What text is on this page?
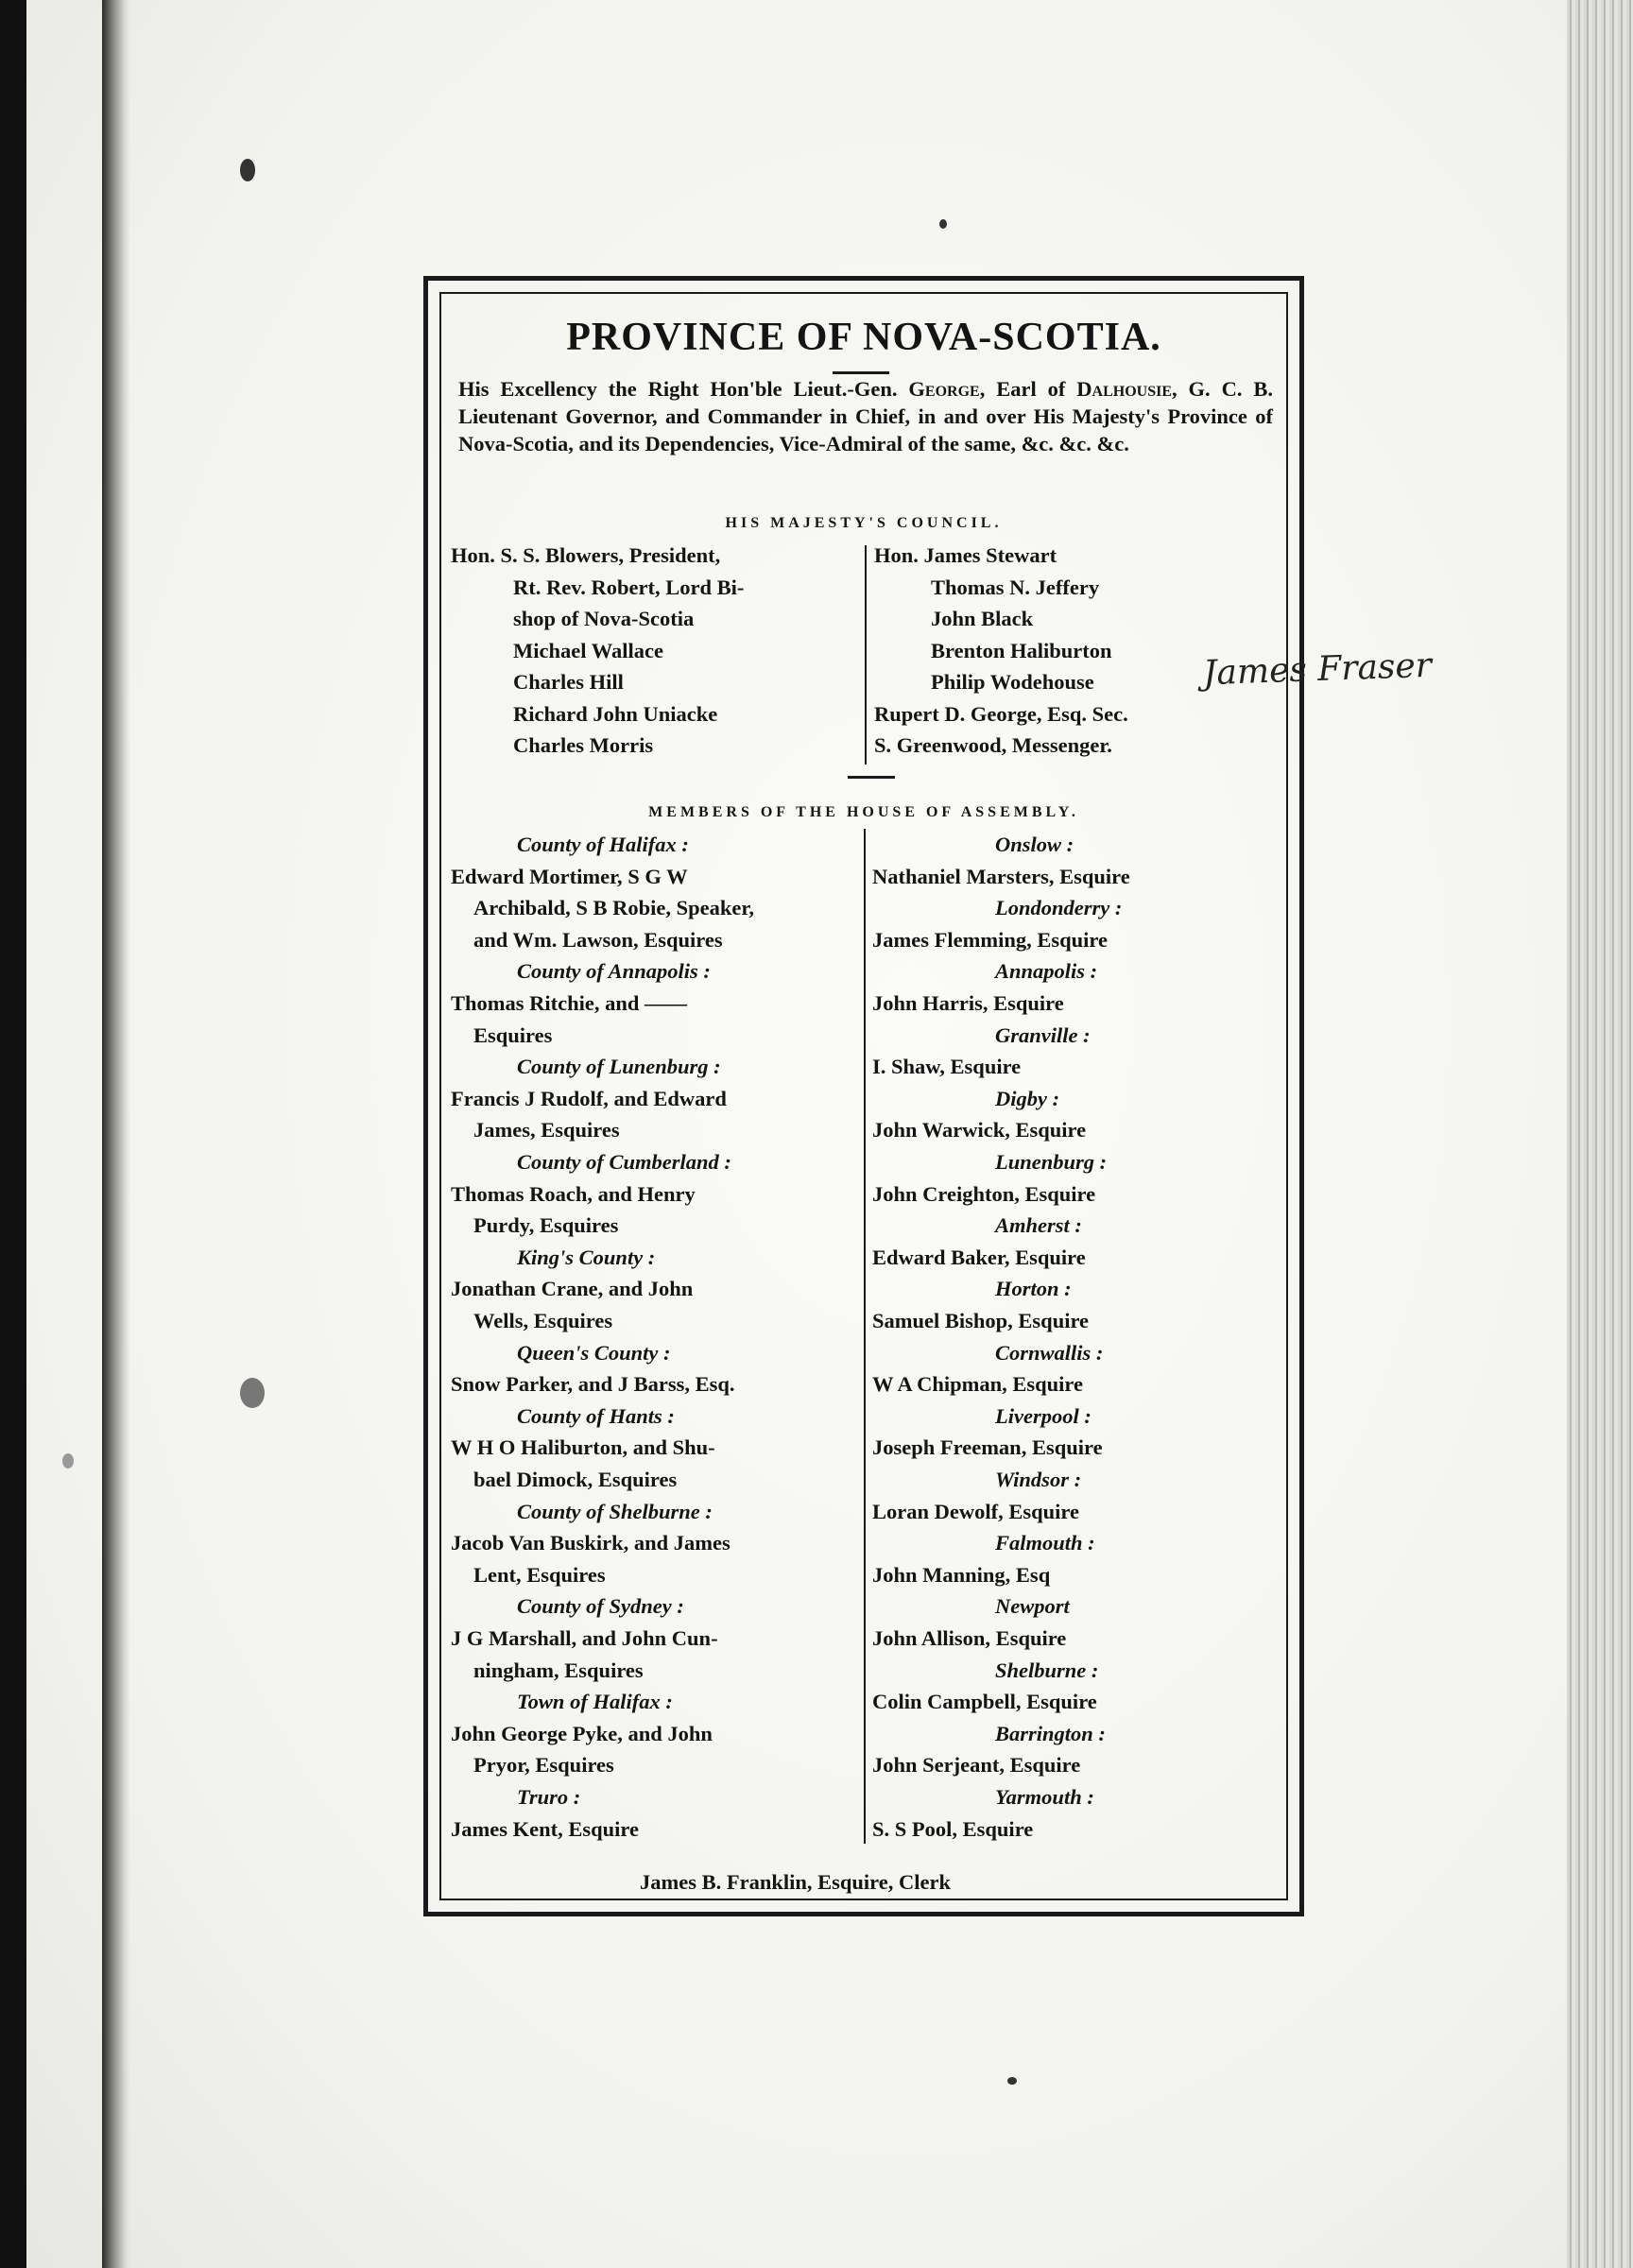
PROVINCE OF NOVA-SCOTIA.

His Excellency the Right Hon'ble Lieut.-Gen. George, Earl of Dalhousie, G. C. B. Lieutenant Governor, and Commander in Chief, in and over His Majesty's Province of Nova-Scotia, and its Dependencies, Vice-Admiral of the same, &c. &c. &c.

HIS MAJESTY'S COUNCIL.
Hon. S. S. Blowers, President,
Rt. Rev. Robert, Lord Bi-
shop of Nova-Scotia
Michael Wallace
Charles Hill
Richard John Uniacke
Charles Morris
Hon. James Stewart
Thomas N. Jeffery
John Black
Brenton Haliburton
Philip Wodehouse
Rupert D. George, Esq. Sec.
S. Greenwood, Messenger.
MEMBERS OF THE HOUSE OF ASSEMBLY.
County of Halifax :
Edward Mortimer, S G W
Archibald, S B Robie, Speaker,
and Wm. Lawson, Esquires
County of Annapolis :
Thomas Ritchie, and ——
Esquires
County of Lunenburg :
Francis J Rudolf, and Edward
James, Esquires
County of Cumberland :
Thomas Roach, and Henry
Purdy, Esquires
King's County :
Jonathan Crane, and John
Wells, Esquires
Queen's County :
Snow Parker, and J Barss, Esq.
County of Hants :
W H O Haliburton, and Shu-
bael Dimock, Esquires
County of Shelburne :
Jacob Van Buskirk, and James
Lent, Esquires
County of Sydney :
J G Marshall, and John Cun-
ningham, Esquires
Town of Halifax :
John George Pyke, and John
Pryor, Esquires
Truro :
James Kent, Esquire
Onslow :
Nathaniel Marsters, Esquire
Londonderry :
James Flemming, Esquire
Annapolis :
John Harris, Esquire
Granville :
I. Shaw, Esquire
Digby :
John Warwick, Esquire
Lunenburg :
John Creighton, Esquire
Amherst :
Edward Baker, Esquire
Horton :
Samuel Bishop, Esquire
Cornwallis :
W A Chipman, Esquire
Liverpool :
Joseph Freeman, Esquire
Windsor :
Loran Dewolf, Esquire
Falmouth :
John Manning, Esq
Newport
John Allison, Esquire
Shelburne :
Colin Campbell, Esquire
Barrington :
John Serjeant, Esquire
Yarmouth :
S. S Pool, Esquire
James B. Franklin, Esquire, Clerk
James Fraser
